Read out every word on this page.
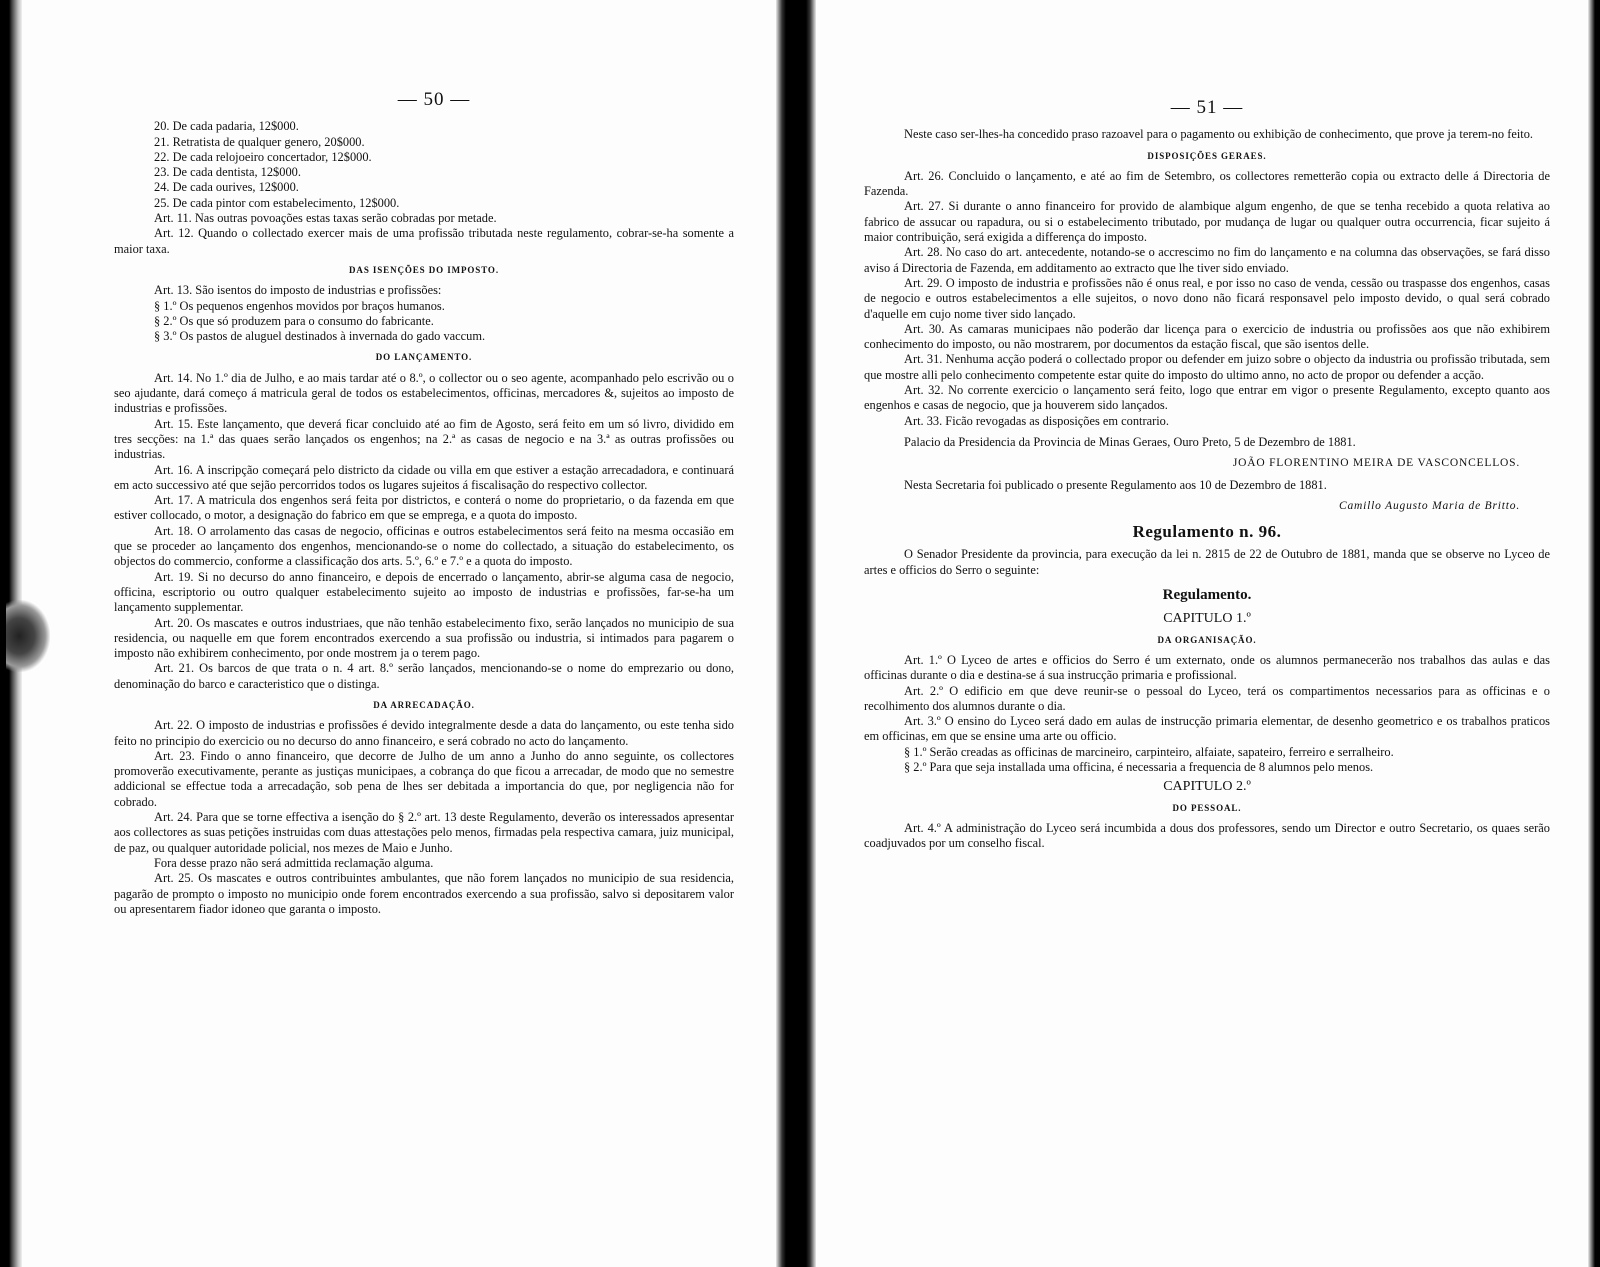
— 50 —

20. De cada padaria, 12$000.

21. Retratista de qualquer genero, 20$000.

22. De cada relojoeiro concertador, 12$000.

23. De cada dentista, 12$000.

24. De cada ourives, 12$000.

25. De cada pintor com estabelecimento, 12$000.

Art. 11. Nas outras povoações estas taxas serão cobradas por metade.

Art. 12. Quando o collectado exercer mais de uma profissão tributada neste regulamento, cobrar-se-ha somente a maior taxa.

DAS ISENÇÕES DO IMPOSTO.

Art. 13. São isentos do imposto de industrias e profissões:

§ 1.º Os pequenos engenhos movidos por braços humanos.

§ 2.º Os que só produzem para o consumo do fabricante.

§ 3.º Os pastos de aluguel destinados à invernada do gado vaccum.

DO LANÇAMENTO.

Art. 14. No 1.º dia de Julho, e ao mais tardar até o 8.º, o collector ou o seo agente, acompanhado pelo escrivão ou o seo ajudante, dará começo á matricula geral de todos os estabelecimentos, officinas, mercadores &, sujeitos ao imposto de industrias e profissões.

Art. 15. Este lançamento, que deverá ficar concluido até ao fim de Agosto, será feito em um só livro, dividido em tres secções: na 1.ª das quaes serão lançados os engenhos; na 2.ª as casas de negocio e na 3.ª as outras profissões ou industrias.

Art. 16. A inscripção começará pelo districto da cidade ou villa em que estiver a estação arrecadadora, e continuará em acto successivo até que sejão percorridos todos os lugares sujeitos á fiscalisação do respectivo collector.

Art. 17. A matricula dos engenhos será feita por districtos, e conterá o nome do proprietario, o da fazenda em que estiver collocado, o motor, a designação do fabrico em que se emprega, e a quota do imposto.

Art. 18. O arrolamento das casas de negocio, officinas e outros estabelecimentos será feito na mesma occasião em que se proceder ao lançamento dos engenhos, mencionando-se o nome do collectado, a situação do estabelecimento, os objectos do commercio, conforme a classificação dos arts. 5.º, 6.º e 7.º e a quota do imposto.

Art. 19. Si no decurso do anno financeiro, e depois de encerrado o lançamento, abrir-se alguma casa de negocio, officina, escriptorio ou outro qualquer estabelecimento sujeito ao imposto de industrias e profissões, far-se-ha um lançamento supplementar.

Art. 20. Os mascates e outros industriaes, que não tenhão estabelecimento fixo, serão lançados no municipio de sua residencia, ou naquelle em que forem encontrados exercendo a sua profissão ou industria, si intimados para pagarem o imposto não exhibirem conhecimento, por onde mostrem ja o terem pago.

Art. 21. Os barcos de que trata o n. 4 art. 8.º serão lançados, mencionando-se o nome do emprezario ou dono, denominação do barco e caracteristico que o distinga.

DA ARRECADAÇÃO.

Art. 22. O imposto de industrias e profissões é devido integralmente desde a data do lançamento, ou este tenha sido feito no principio do exercicio ou no decurso do anno financeiro, e será cobrado no acto do lançamento.

Art. 23. Findo o anno financeiro, que decorre de Julho de um anno a Junho do anno seguinte, os collectores promoverão executivamente, perante as justiças municipaes, a cobrança do que ficou a arrecadar, de modo que no semestre addicional se effectue toda a arrecadação, sob pena de lhes ser debitada a importancia do que, por negligencia não for cobrado.

Art. 24. Para que se torne effectiva a isenção do § 2.º art. 13 deste Regulamento, deverão os interessados apresentar aos collectores as suas petições instruidas com duas attestações pelo menos, firmadas pela respectiva camara, juiz municipal, de paz, ou qualquer autoridade policial, nos mezes de Maio e Junho.

Fora desse prazo não será admittida reclamação alguma.

Art. 25. Os mascates e outros contribuintes ambulantes, que não forem lançados no municipio de sua residencia, pagarão de prompto o imposto no municipio onde forem encontrados exercendo a sua profissão, salvo si depositarem valor ou apresentarem fiador idoneo que garanta o imposto.

— 51 —

Neste caso ser-lhes-ha concedido praso razoavel para o pagamento ou exhibição de conhecimento, que prove ja terem-no feito.

DISPOSIÇÕES GERAES.

Art. 26. Concluido o lançamento, e até ao fim de Setembro, os collectores remetterão copia ou extracto delle á Directoria de Fazenda.

Art. 27. Si durante o anno financeiro for provido de alambique algum engenho, de que se tenha recebido a quota relativa ao fabrico de assucar ou rapadura, ou si o estabelecimento tributado, por mudança de lugar ou qualquer outra occurrencia, ficar sujeito á maior contribuição, será exigida a differença do imposto.

Art. 28. No caso do art. antecedente, notando-se o accrescimo no fim do lançamento e na columna das observações, se fará disso aviso á Directoria de Fazenda, em additamento ao extracto que lhe tiver sido enviado.

Art. 29. O imposto de industria e profissões não é onus real, e por isso no caso de venda, cessão ou traspasse dos engenhos, casas de negocio e outros estabelecimentos a elle sujeitos, o novo dono não ficará responsavel pelo imposto devido, o qual será cobrado d'aquelle em cujo nome tiver sido lançado.

Art. 30. As camaras municipaes não poderão dar licença para o exercicio de industria ou profissões aos que não exhibirem conhecimento do imposto, ou não mostrarem, por documentos da estação fiscal, que são isentos delle.

Art. 31. Nenhuma acção poderá o collectado propor ou defender em juizo sobre o objecto da industria ou profissão tributada, sem que mostre alli pelo conhecimento competente estar quite do imposto do ultimo anno, no acto de propor ou defender a acção.

Art. 32. No corrente exercicio o lançamento será feito, logo que entrar em vigor o presente Regulamento, excepto quanto aos engenhos e casas de negocio, que ja houverem sido lançados.

Art. 33. Ficão revogadas as disposições em contrario.

Palacio da Presidencia da Provincia de Minas Geraes, Ouro Preto, 5 de Dezembro de 1881.

JOÃO FLORENTINO MEIRA DE VASCONCELLOS.

Nesta Secretaria foi publicado o presente Regulamento aos 10 de Dezembro de 1881.

Camillo Augusto Maria de Britto.
Regulamento n. 96.

O Senador Presidente da provincia, para execução da lei n. 2815 de 22 de Outubro de 1881, manda que se observe no Lyceo de artes e officios do Serro o seguinte:

Regulamento.
CAPITULO 1.º
DA ORGANISAÇÃO.

Art. 1.º O Lyceo de artes e officios do Serro é um externato, onde os alumnos permanecerão nos trabalhos das aulas e das officinas durante o dia e destina-se á sua instrucção primaria e profissional.

Art. 2.º O edificio em que deve reunir-se o pessoal do Lyceo, terá os compartimentos necessarios para as officinas e o recolhimento dos alumnos durante o dia.

Art. 3.º O ensino do Lyceo será dado em aulas de instrucção primaria elementar, de desenho geometrico e os trabalhos praticos em officinas, em que se ensine uma arte ou officio.

§ 1.º Serão creadas as officinas de marcineiro, carpinteiro, alfaiate, sapateiro, ferreiro e serralheiro.

§ 2.º Para que seja installada uma officina, é necessaria a frequencia de 8 alumnos pelo menos.

CAPITULO 2.º
DO PESSOAL.

Art. 4.º A administração do Lyceo será incumbida a dous dos professores, sendo um Director e outro Secretario, os quaes serão coadjuvados por um conselho fiscal.
